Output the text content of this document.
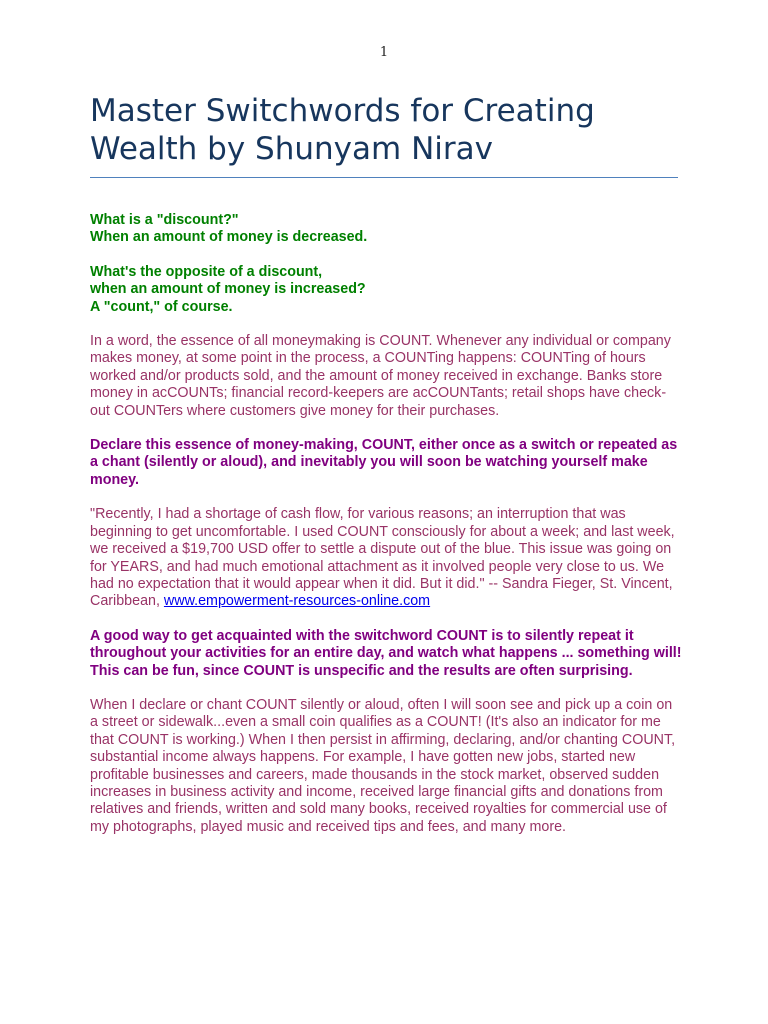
1
Master Switchwords for Creating Wealth by Shunyam Nirav

What is a "discount?"
When an amount of money is decreased.

What's the opposite of a discount,
when an amount of money is increased?
A "count," of course.

In a word, the essence of all moneymaking is COUNT. Whenever any individual or company makes money, at some point in the process, a COUNTing happens: COUNTing of hours worked and/or products sold, and the amount of money received in exchange. Banks store money in acCOUNTs; financial record-keepers are acCOUNTants; retail shops have check-out COUNTers where customers give money for their purchases.

Declare this essence of money-making, COUNT, either once as a switch or repeated as a chant (silently or aloud), and inevitably you will soon be watching yourself make money.

"Recently, I had a shortage of cash flow, for various reasons; an interruption that was beginning to get uncomfortable. I used COUNT consciously for about a week; and last week, we received a $19,700 USD offer to settle a dispute out of the blue. This issue was going on for YEARS, and had much emotional attachment as it involved people very close to us. We had no expectation that it would appear when it did. But it did." -- Sandra Fieger, St. Vincent, Caribbean, www.empowerment-resources-online.com

A good way to get acquainted with the switchword COUNT is to silently repeat it throughout your activities for an entire day, and watch what happens ... something will! This can be fun, since COUNT is unspecific and the results are often surprising.

When I declare or chant COUNT silently or aloud, often I will soon see and pick up a coin on a street or sidewalk...even a small coin qualifies as a COUNT! (It's also an indicator for me that COUNT is working.) When I then persist in affirming, declaring, and/or chanting COUNT, substantial income always happens. For example, I have gotten new jobs, started new profitable businesses and careers, made thousands in the stock market, observed sudden increases in business activity and income, received large financial gifts and donations from relatives and friends, written and sold many books, received royalties for commercial use of my photographs, played music and received tips and fees, and many more.
